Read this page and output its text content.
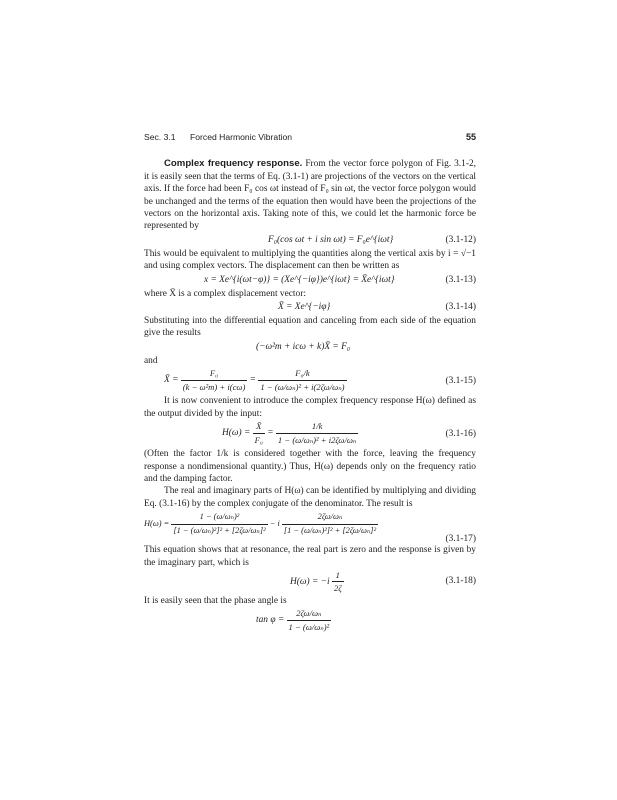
Sec. 3.1	Forced Harmonic Vibration	55

Complex frequency response. From the vector force polygon of Fig. 3.1-2, it is easily seen that the terms of Eq. (3.1-1) are projections of the vectors on the vertical axis. If the force had been F₀ cos ωt instead of F₀ sin ωt, the vector force polygon would be unchanged and the terms of the equation then would have been the projections of the vectors on the horizontal axis. Taking note of this, we could let the harmonic force be represented by

F₀(cos ωt + i sin ωt) = F₀e^{iωt}	(3.1-12)

This would be equivalent to multiplying the quantities along the vertical axis by i = √−1 and using complex vectors. The displacement can then be written as

x = Xe^{i(ωt−φ)} = (Xe^{−iφ})e^{iωt} = X̄e^{iωt}	(3.1-13)

where X̄ is a complex displacement vector:

X̄ = Xe^{−iφ}	(3.1-14)

Substituting into the differential equation and canceling from each side of the equation give the results

(−ω²m + icω + k)X̄ = F₀

and

X̄ = $\frac{\text{F₀}}{\text{(k − ω²m) + i(cω)}} = \frac{\text{F₀/k}}{\text{1 − (ω/ωₙ)² + i(2ζω/ωₙ)}}$	(3.1-15)

It is now convenient to introduce the complex frequency response H(ω) defined as the output divided by the input:

$H(\omega) = \frac{X̄}{\text{F₀}} = \frac{1/k}{\text{1 − (ω/ωₙ)² + i2ζω/ωₙ}}$	(3.1-16)

(Often the factor 1/k is considered together with the force, leaving the frequency response a nondimensional quantity.) Thus, H(ω) depends only on the frequency ratio and the damping factor.

The real and imaginary parts of H(ω) can be identified by multiplying and dividing Eq. (3.1-16) by the complex conjugate of the denominator. The result is

$H(\omega) = \frac{\text{1 − (ω/ωₙ)²}}{\text{[1 − (ω/ωₙ)²]² + [2ζω/ωₙ]²}} - i \frac{\text{2ζω/ωₙ}}{\text{[1 − (ω/ωₙ)²]² + [2ζω/ωₙ]²}}$
(3.1-17)

This equation shows that at resonance, the real part is zero and the response is given by the imaginary part, which is

$H(\omega) = -i \frac{1}{2\zeta}$	(3.1-18)

It is easily seen that the phase angle is

$\tan \varphi = \frac{\text{2ζω/ωₙ}}{\text{1 − (ω/ωₙ)²}}$
